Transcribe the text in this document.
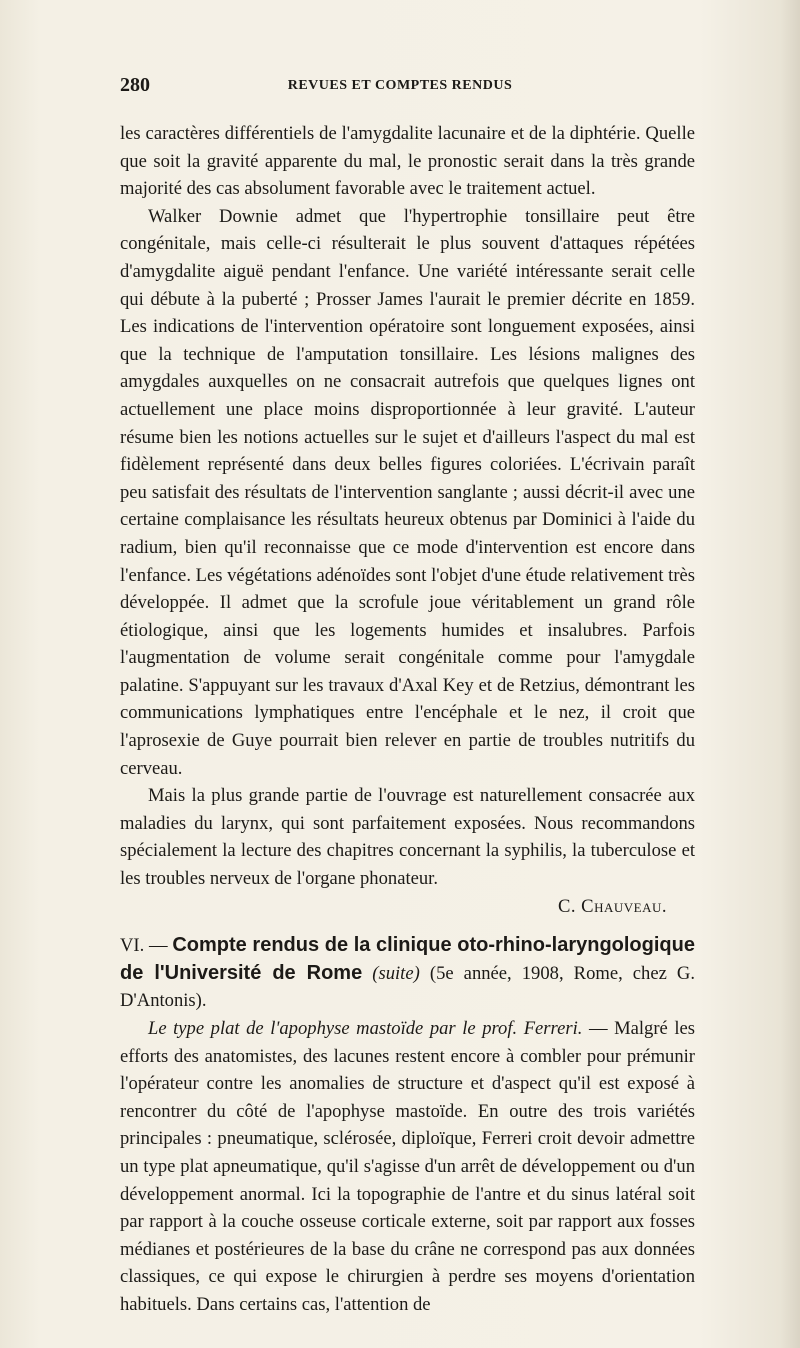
280	REVUES ET COMPTES RENDUS

les caractères différentiels de l'amygdalite lacunaire et de la diphtérie. Quelle que soit la gravité apparente du mal, le pronostic serait dans la très grande majorité des cas absolument favorable avec le traitement actuel.

Walker Downie admet que l'hypertrophie tonsillaire peut être congénitale, mais celle-ci résulterait le plus souvent d'attaques répétées d'amygdalite aiguë pendant l'enfance. Une variété intéressante serait celle qui débute à la puberté ; Prosser James l'aurait le premier décrite en 1859. Les indications de l'intervention opératoire sont longuement exposées, ainsi que la technique de l'amputation tonsillaire. Les lésions malignes des amygdales auxquelles on ne consacrait autrefois que quelques lignes ont actuellement une place moins disproportionnée à leur gravité. L'auteur résume bien les notions actuelles sur le sujet et d'ailleurs l'aspect du mal est fidèlement représenté dans deux belles figures coloriées. L'écrivain paraît peu satisfait des résultats de l'intervention sanglante ; aussi décrit-il avec une certaine complaisance les résultats heureux obtenus par Dominici à l'aide du radium, bien qu'il reconnaisse que ce mode d'intervention est encore dans l'enfance. Les végétations adénoïdes sont l'objet d'une étude relativement très développée. Il admet que la scrofule joue véritablement un grand rôle étiologique, ainsi que les logements humides et insalubres. Parfois l'augmentation de volume serait congénitale comme pour l'amygdale palatine. S'appuyant sur les travaux d'Axal Key et de Retzius, démontrant les communications lymphatiques entre l'encéphale et le nez, il croit que l'aprosexie de Guye pourrait bien relever en partie de troubles nutritifs du cerveau.

Mais la plus grande partie de l'ouvrage est naturellement consacrée aux maladies du larynx, qui sont parfaitement exposées. Nous recommandons spécialement la lecture des chapitres concernant la syphilis, la tuberculose et les troubles nerveux de l'organe phonateur.

C. Chauveau.

VI. — Compte rendus de la clinique oto-rhino-laryngologique de l'Université de Rome (suite) (5e année, 1908, Rome, chez G. D'Antonis).

Le type plat de l'apophyse mastoïde par le prof. Ferreri. — Malgré les efforts des anatomistes, des lacunes restent encore à combler pour prémunir l'opérateur contre les anomalies de structure et d'aspect qu'il est exposé à rencontrer du côté de l'apophyse mastoïde. En outre des trois variétés principales : pneumatique, sclérosée, diploïque, Ferreri croit devoir admettre un type plat apneumatique, qu'il s'agisse d'un arrêt de développement ou d'un développement anormal. Ici la topographie de l'antre et du sinus latéral soit par rapport à la couche osseuse corticale externe, soit par rapport aux fosses médianes et postérieures de la base du crâne ne correspond pas aux données classiques, ce qui expose le chirurgien à perdre ses moyens d'orientation habituels. Dans certains cas, l'attention de
